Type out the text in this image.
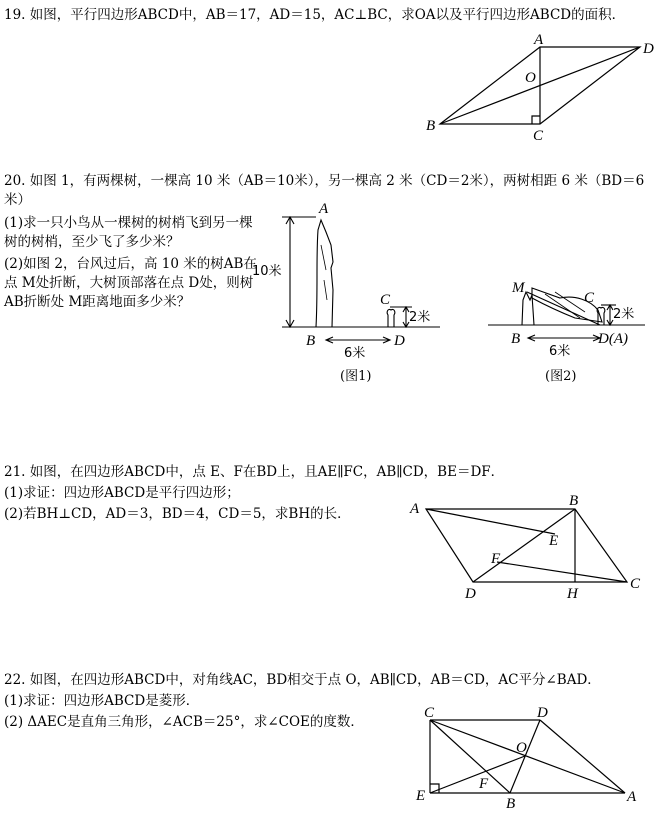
19. 如图，平行四边形ABCD中，AB＝17，AD＝15，AC⊥BC，求OA以及平行四边形ABCD的面积．
20. 如图 1，有两棵树，一棵高 10 米（AB＝10米），另一棵高 2 米（CD＝2米），两树相距 6 米（BD＝6米）
(1)求一只小鸟从一棵树的树梢飞到另一棵树的树梢，至少飞了多少米？
(2)如图 2，台风过后，高 10 米的树AB在点 M处折断，大树顶部落在点 D处，则树AB折断处 M距离地面多少米？
21. 如图，在四边形ABCD中，点 E、F在BD上，且AE∥FC，AB∥CD，BE＝DF．
(1)求证：四边形ABCD是平行四边形；
(2)若BH⊥CD，AD＝3，BD＝4，CD＝5，求BH的长．
22. 如图，在四边形ABCD中，对角线AC，BD相交于点 O，AB∥CD，AB＝CD，AC平分∠BAD．
(1)求证：四边形ABCD是菱形．
(2) ΔAEC是直角三角形，∠ACB＝25°，求∠COE的度数．
A
B
C
D
O
A
B
C
D
10米
2米
6米
(图1)
M
B
C
D(A)
2米
6米
(图2)
A	B
C
D
E
F
H
A
B
C	D
E
F
O
